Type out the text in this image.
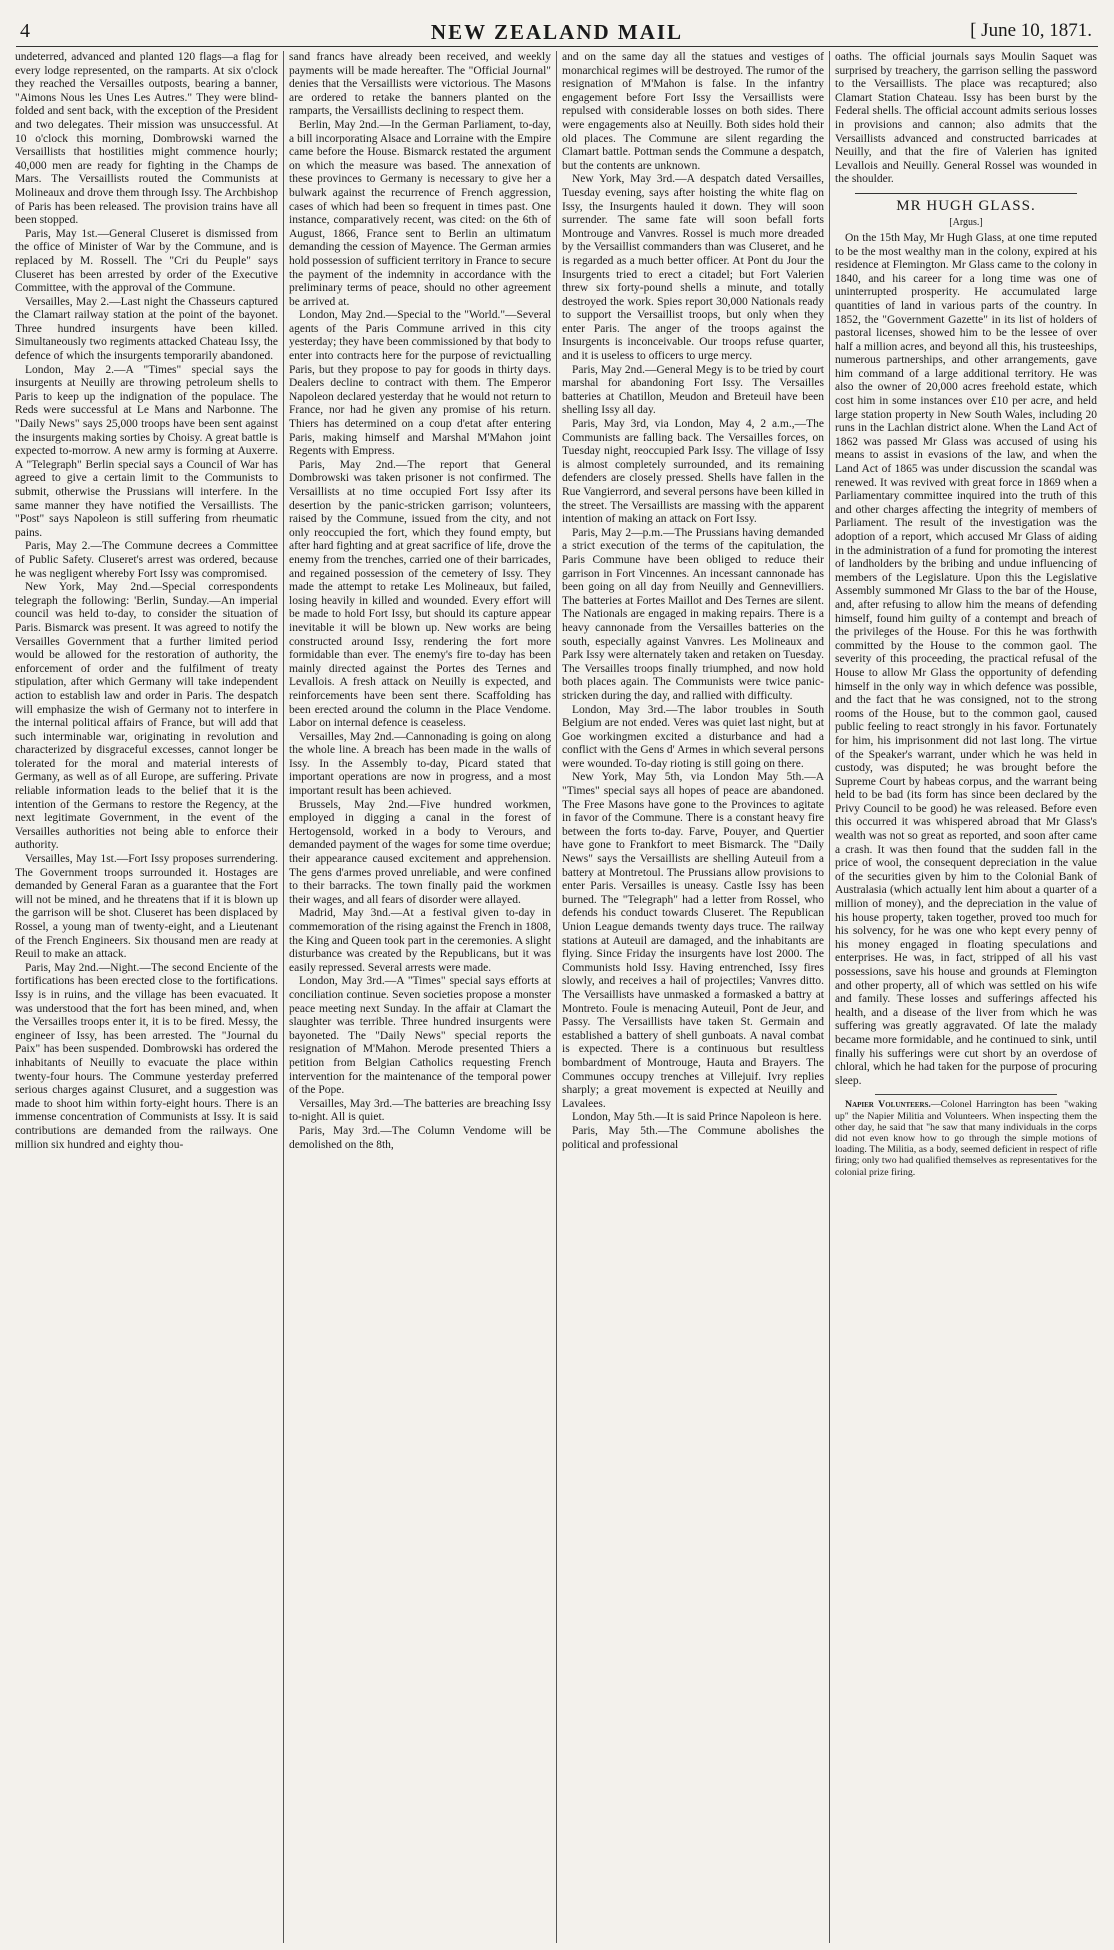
4	NEW ZEALAND MAIL	[ June 10, 1871.

undeterred, advanced and planted 120 flags—a flag for every lodge represented, on the ramparts. At six o'clock they reached the Versailles outposts, bearing a banner, "Aimons Nous les Unes Les Autres." They were blind-folded and sent back, with the exception of the President and two delegates. Their mission was unsuccessful. At 10 o'clock this morning, Dombrowski warned the Versaillists that hostilities might commence hourly; 40,000 men are ready for fighting in the Champs de Mars. The Versaillists routed the Communists at Molineaux and drove them through Issy. The Archbishop of Paris has been released. The provision trains have all been stopped.

Paris, May 1st.—General Cluseret is dismissed from the office of Minister of War by the Commune, and is replaced by M. Rossell. The "Cri du Peuple" says Cluseret has been arrested by order of the Executive Committee, with the approval of the Commune.

Versailles, May 2.—Last night the Chasseurs captured the Clamart railway station at the point of the bayonet. Three hundred insurgents have been killed. Simultaneously two regiments attacked Chateau Issy, the defence of which the insurgents temporarily abandoned.

London, May 2.—A "Times" special says the insurgents at Neuilly are throwing petroleum shells to Paris to keep up the indignation of the populace. The Reds were successful at Le Mans and Narbonne. The "Daily News" says 25,000 troops have been sent against the insurgents making sorties by Choisy. A great battle is expected to-morrow. A new army is forming at Auxerre. A "Telegraph" Berlin special says a Council of War has agreed to give a certain limit to the Communists to submit, otherwise the Prussians will interfere. In the same manner they have notified the Versaillists. The "Post" says Napoleon is still suffering from rheumatic pains.

Paris, May 2.—The Commune decrees a Committee of Public Safety. Cluseret's arrest was ordered, because he was negligent whereby Fort Issy was compromised.

New York, May 2nd.—Special correspondents telegraph the following: 'Berlin, Sunday.—An imperial council was held to-day, to consider the situation of Paris. Bismarck was present. It was agreed to notify the Versailles Government that a further limited period would be allowed for the restoration of authority, the enforcement of order and the fulfilment of treaty stipulation, after which Germany will take independent action to establish law and order in Paris. The despatch will emphasize the wish of Germany not to interfere in the internal political affairs of France, but will add that such interminable war, originating in revolution and characterized by disgraceful excesses, cannot longer be tolerated for the moral and material interests of Germany, as well as of all Europe, are suffering. Private reliable information leads to the belief that it is the intention of the Germans to restore the Regency, at the next legitimate Government, in the event of the Versailles authorities not being able to enforce their authority.

Versailles, May 1st.—Fort Issy proposes surrendering. The Government troops surrounded it. Hostages are demanded by General Faran as a guarantee that the Fort will not be mined, and he threatens that if it is blown up the garrison will be shot. Cluseret has been displaced by Rossel, a young man of twenty-eight, and a Lieutenant of the French Engineers. Six thousand men are ready at Reuil to make an attack.

Paris, May 2nd.—Night.—The second Enciente of the fortifications has been erected close to the fortifications. Issy is in ruins, and the village has been evacuated. It was understood that the fort has been mined, and, when the Versailles troops enter it, it is to be fired. Messy, the engineer of Issy, has been arrested. The "Journal du Paix" has been suspended. Dombrowski has ordered the inhabitants of Neuilly to evacuate the place within twenty-four hours. The Commune yesterday preferred serious charges against Clusuret, and a suggestion was made to shoot him within forty-eight hours. There is an immense concentration of Communists at Issy. It is said contributions are demanded from the railways. One million six hundred and eighty thou-

sand francs have already been received, and weekly payments will be made hereafter. The "Official Journal" denies that the Versaillists were victorious. The Masons are ordered to retake the banners planted on the ramparts, the Versaillists declining to respect them.

Berlin, May 2nd.—In the German Parliament, to-day, a bill incorporating Alsace and Lorraine with the Empire came before the House. Bismarck restated the argument on which the measure was based. The annexation of these provinces to Germany is necessary to give her a bulwark against the recurrence of French aggression, cases of which had been so frequent in times past. One instance, comparatively recent, was cited: on the 6th of August, 1866, France sent to Berlin an ultimatum demanding the cession of Mayence. The German armies hold possession of sufficient territory in France to secure the payment of the indemnity in accordance with the preliminary terms of peace, should no other agreement be arrived at.

London, May 2nd.—Special to the "World."—Several agents of the Paris Commune arrived in this city yesterday; they have been commissioned by that body to enter into contracts here for the purpose of revictualling Paris, but they propose to pay for goods in thirty days. Dealers decline to contract with them. The Emperor Napoleon declared yesterday that he would not return to France, nor had he given any promise of his return. Thiers has determined on a coup d'etat after entering Paris, making himself and Marshal M'Mahon joint Regents with Empress.

Paris, May 2nd.—The report that General Dombrowski was taken prisoner is not confirmed. The Versaillists at no time occupied Fort Issy after its desertion by the panic-stricken garrison; volunteers, raised by the Commune, issued from the city, and not only reoccupied the fort, which they found empty, but after hard fighting and at great sacrifice of life, drove the enemy from the trenches, carried one of their barricades, and regained possession of the cemetery of Issy. They made the attempt to retake Les Molineaux, but failed, losing heavily in killed and wounded. Every effort will be made to hold Fort Issy, but should its capture appear inevitable it will be blown up. New works are being constructed around Issy, rendering the fort more formidable than ever. The enemy's fire to-day has been mainly directed against the Portes des Ternes and Levallois. A fresh attack on Neuilly is expected, and reinforcements have been sent there. Scaffolding has been erected around the column in the Place Vendome. Labor on internal defence is ceaseless.

Versailles, May 2nd.—Cannonading is going on along the whole line. A breach has been made in the walls of Issy. In the Assembly to-day, Picard stated that important operations are now in progress, and a most important result has been achieved.

Brussels, May 2nd.—Five hundred workmen, employed in digging a canal in the forest of Hertogensold, worked in a body to Verours, and demanded payment of the wages for some time overdue; their appearance caused excitement and apprehension. The gens d'armes proved unreliable, and were confined to their barracks. The town finally paid the workmen their wages, and all fears of disorder were allayed.

Madrid, May 3nd.—At a festival given to-day in commemoration of the rising against the French in 1808, the King and Queen took part in the ceremonies. A slight disturbance was created by the Republicans, but it was easily repressed. Several arrests were made.

London, May 3rd.—A "Times" special says efforts at conciliation continue. Seven societies propose a monster peace meeting next Sunday. In the affair at Clamart the slaughter was terrible. Three hundred insurgents were bayoneted. The "Daily News" special reports the resignation of M'Mahon. Merode presented Thiers a petition from Belgian Catholics requesting French intervention for the maintenance of the temporal power of the Pope.

Versailles, May 3rd.—The batteries are breaching Issy to-night. All is quiet.

Paris, May 3rd.—The Column Vendome will be demolished on the 8th,

and on the same day all the statues and vestiges of monarchical regimes will be destroyed. The rumor of the resignation of M'Mahon is false. In the infantry engagement before Fort Issy the Versaillists were repulsed with considerable losses on both sides. There were engagements also at Neuilly. Both sides hold their old places. The Commune are silent regarding the Clamart battle. Pottman sends the Commune a despatch, but the contents are unknown.

New York, May 3rd.—A despatch dated Versailles, Tuesday evening, says after hoisting the white flag on Issy, the Insurgents hauled it down. They will soon surrender. The same fate will soon befall forts Montrouge and Vanvres. Rossel is much more dreaded by the Versaillist commanders than was Cluseret, and he is regarded as a much better officer. At Pont du Jour the Insurgents tried to erect a citadel; but Fort Valerien threw six forty-pound shells a minute, and totally destroyed the work. Spies report 30,000 Nationals ready to support the Versaillist troops, but only when they enter Paris. The anger of the troops against the Insurgents is inconceivable. Our troops refuse quarter, and it is useless to officers to urge mercy.

Paris, May 2nd.—General Megy is to be tried by court marshal for abandoning Fort Issy. The Versailles batteries at Chatillon, Meudon and Breteuil have been shelling Issy all day.

Paris, May 3rd, via London, May 4, 2 a.m.,—The Communists are falling back. The Versailles forces, on Tuesday night, reoccupied Park Issy. The village of Issy is almost completely surrounded, and its remaining defenders are closely pressed. Shells have fallen in the Rue Vangierrord, and several persons have been killed in the street. The Versaillists are massing with the apparent intention of making an attack on Fort Issy.

Paris, May 2—p.m.—The Prussians having demanded a strict execution of the terms of the capitulation, the Paris Commune have been obliged to reduce their garrison in Fort Vincennes. An incessant cannonade has been going on all day from Neuilly and Gennevilliers. The batteries at Fortes Maillot and Des Ternes are silent. The Nationals are engaged in making repairs. There is a heavy cannonade from the Versailles batteries on the south, especially against Vanvres. Les Molineaux and Park Issy were alternately taken and retaken on Tuesday. The Versailles troops finally triumphed, and now hold both places again. The Communists were twice panic-stricken during the day, and rallied with difficulty.

London, May 3rd.—The labor troubles in South Belgium are not ended. Veres was quiet last night, but at Goe workingmen excited a disturbance and had a conflict with the Gens d' Armes in which several persons were wounded. To-day rioting is still going on there.

New York, May 5th, via London May 5th.—A "Times" special says all hopes of peace are abandoned. The Free Masons have gone to the Provinces to agitate in favor of the Commune. There is a constant heavy fire between the forts to-day. Farve, Pouyer, and Quertier have gone to Frankfort to meet Bismarck. The "Daily News" says the Versaillists are shelling Auteuil from a battery at Montretoul. The Prussians allow provisions to enter Paris. Versailles is uneasy. Castle Issy has been burned. The "Telegraph" had a letter from Rossel, who defends his conduct towards Cluseret. The Republican Union League demands twenty days truce. The railway stations at Auteuil are damaged, and the inhabitants are flying. Since Friday the insurgents have lost 2000. The Communists hold Issy. Having entrenched, Issy fires slowly, and receives a hail of projectiles; Vanvres ditto. The Versaillists have unmasked a formasked a battry at Montreto. Foule is menacing Auteuil, Pont de Jeur, and Passy. The Versaillists have taken St. Germain and established a battery of shell gunboats. A naval combat is expected. There is a continuous but resultless bombardment of Montrouge, Hauta and Brayers. The Communes occupy trenches at Villejuif. Ivry replies sharply; a great movement is expected at Neuilly and Lavalees.

London, May 5th.—It is said Prince Napoleon is here.

Paris, May 5th.—The Commune abolishes the political and professional

oaths. The official journals says Moulin Saquet was surprised by treachery, the garrison selling the password to the Versaillists. The place was recaptured; also Clamart Station Chateau. Issy has been burst by the Federal shells. The official account admits serious losses in provisions and cannon; also admits that the Versaillists advanced and constructed barricades at Neuilly, and that the fire of Valerien has ignited Levallois and Neuilly. General Rossel was wounded in the shoulder.

MR HUGH GLASS.
[Argus.]

On the 15th May, Mr Hugh Glass, at one time reputed to be the most wealthy man in the colony, expired at his residence at Flemington. Mr Glass came to the colony in 1840, and his career for a long time was one of uninterrupted prosperity. He accumulated large quantities of land in various parts of the country. In 1852, the "Government Gazette" in its list of holders of pastoral licenses, showed him to be the lessee of over half a million acres, and beyond all this, his trusteeships, numerous partnerships, and other arrangements, gave him command of a large additional territory. He was also the owner of 20,000 acres freehold estate, which cost him in some instances over £10 per acre, and held large station property in New South Wales, including 20 runs in the Lachlan district alone. When the Land Act of 1862 was passed Mr Glass was accused of using his means to assist in evasions of the law, and when the Land Act of 1865 was under discussion the scandal was renewed. It was revived with great force in 1869 when a Parliamentary committee inquired into the truth of this and other charges affecting the integrity of members of Parliament. The result of the investigation was the adoption of a report, which accused Mr Glass of aiding in the administration of a fund for promoting the interest of landholders by the bribing and undue influencing of members of the Legislature. Upon this the Legislative Assembly summoned Mr Glass to the bar of the House, and, after refusing to allow him the means of defending himself, found him guilty of a contempt and breach of the privileges of the House. For this he was forthwith committed by the House to the common gaol. The severity of this proceeding, the practical refusal of the House to allow Mr Glass the opportunity of defending himself in the only way in which defence was possible, and the fact that he was consigned, not to the strong rooms of the House, but to the common gaol, caused public feeling to react strongly in his favor. Fortunately for him, his imprisonment did not last long. The virtue of the Speaker's warrant, under which he was held in custody, was disputed; he was brought before the Supreme Court by habeas corpus, and the warrant being held to be bad (its form has since been declared by the Privy Council to be good) he was released. Before even this occurred it was whispered abroad that Mr Glass's wealth was not so great as reported, and soon after came a crash. It was then found that the sudden fall in the price of wool, the consequent depreciation in the value of the securities given by him to the Colonial Bank of Australasia (which actually lent him about a quarter of a million of money), and the depreciation in the value of his house property, taken together, proved too much for his solvency, for he was one who kept every penny of his money engaged in floating speculations and enterprises. He was, in fact, stripped of all his vast possessions, save his house and grounds at Flemington and other property, all of which was settled on his wife and family. These losses and sufferings affected his health, and a disease of the liver from which he was suffering was greatly aggravated. Of late the malady became more formidable, and he continued to sink, until finally his sufferings were cut short by an overdose of chloral, which he had taken for the purpose of procuring sleep.

Napier Volunteers.—Colonel Harrington has been "waking up" the Napier Militia and Volunteers. When inspecting them the other day, he said that "he saw that many individuals in the corps did not even know how to go through the simple motions of loading. The Militia, as a body, seemed deficient in respect of rifle firing; only two had qualified themselves as representatives for the colonial prize firing.
